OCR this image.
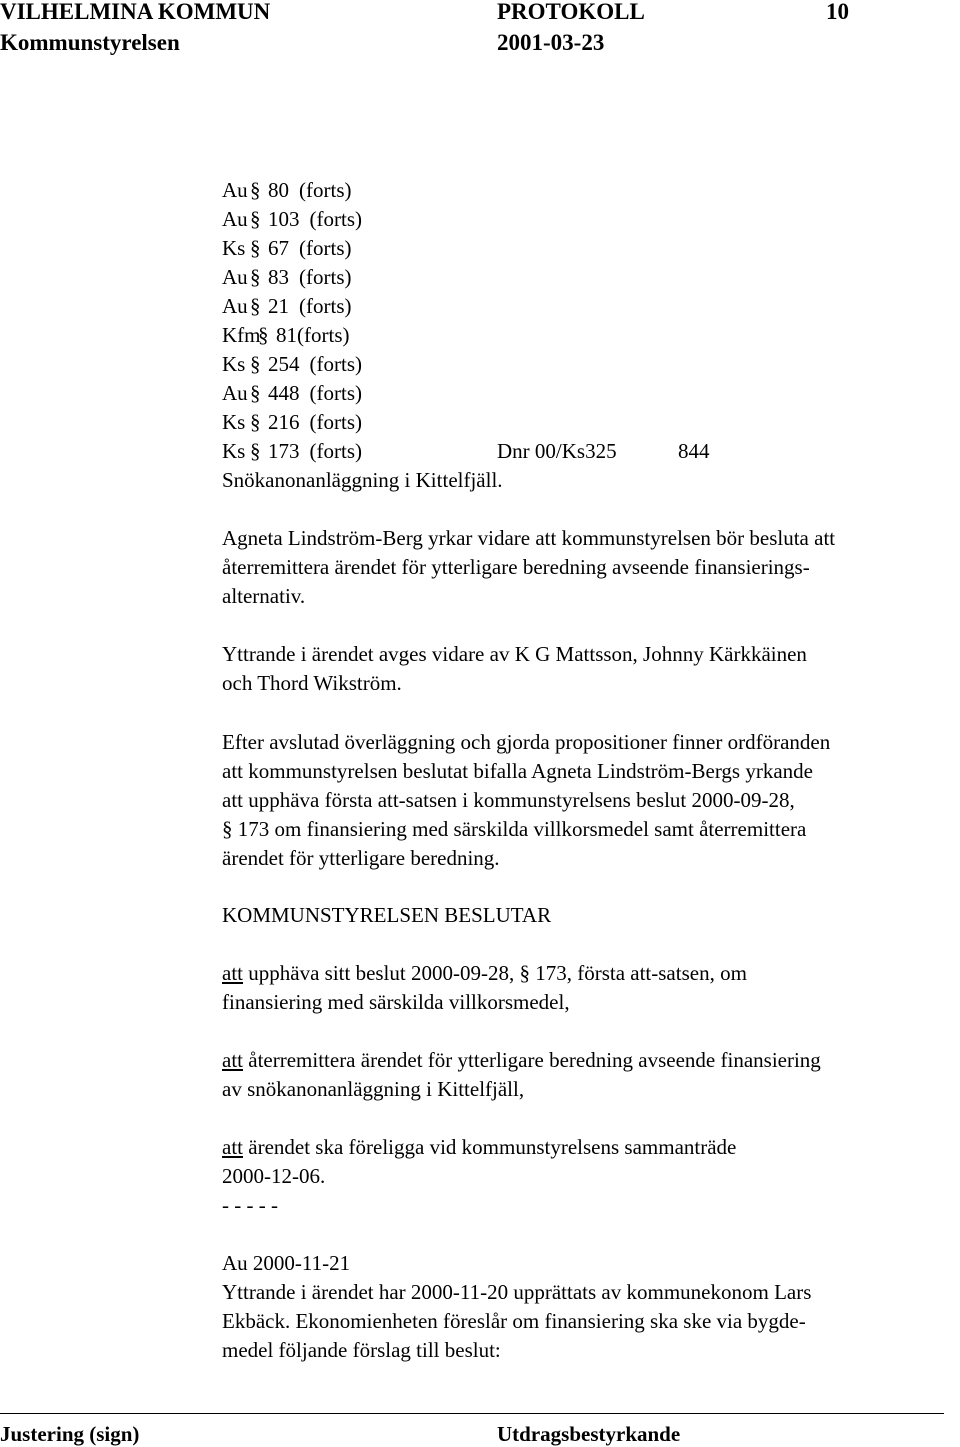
VILHELMINA KOMMUN	PROTOKOLL	10
Kommunstyrelsen	2001-03-23
Au § 80 (forts)
Au § 103 (forts)
Ks § 67 (forts)
Au § 83 (forts)
Au § 21 (forts)
Kfm§ 81(forts)
Ks § 254 (forts)
Au § 448 (forts)
Ks § 216 (forts)
Ks § 173 (forts)	Dnr 00/Ks325	844
Snökanonanläggning i Kittelfjäll.
Agneta Lindström-Berg yrkar vidare att kommunstyrelsen bör besluta att
återremittera ärendet för ytterligare beredning avseende finansierings-
alternativ.
Yttrande i ärendet avges vidare av K G Mattsson, Johnny Kärkkäinen
och Thord Wikström.
Efter avslutad överläggning och gjorda propositioner finner ordföranden
att kommunstyrelsen beslutat bifalla Agneta Lindström-Bergs yrkande
att upphäva första att-satsen i kommunstyrelsens beslut 2000-09-28,
§ 173 om finansiering med särskilda villkorsmedel samt återremittera
ärendet för ytterligare beredning.
KOMMUNSTYRELSEN BESLUTAR
att upphäva sitt beslut 2000-09-28, § 173, första att-satsen, om
finansiering med särskilda villkorsmedel,
att återremittera ärendet för ytterligare beredning avseende finansiering
av snökanonanläggning i Kittelfjäll,
att ärendet ska föreligga vid kommunstyrelsens sammanträde
2000-12-06.
- - - - -
Au 2000-11-21
Yttrande i ärendet har 2000-11-20 upprättats av kommunekonom Lars
Ekbäck. Ekonomienheten föreslår om finansiering ska ske via bygde-
medel följande förslag till beslut:
Justering (sign)	Utdragsbestyrkande
